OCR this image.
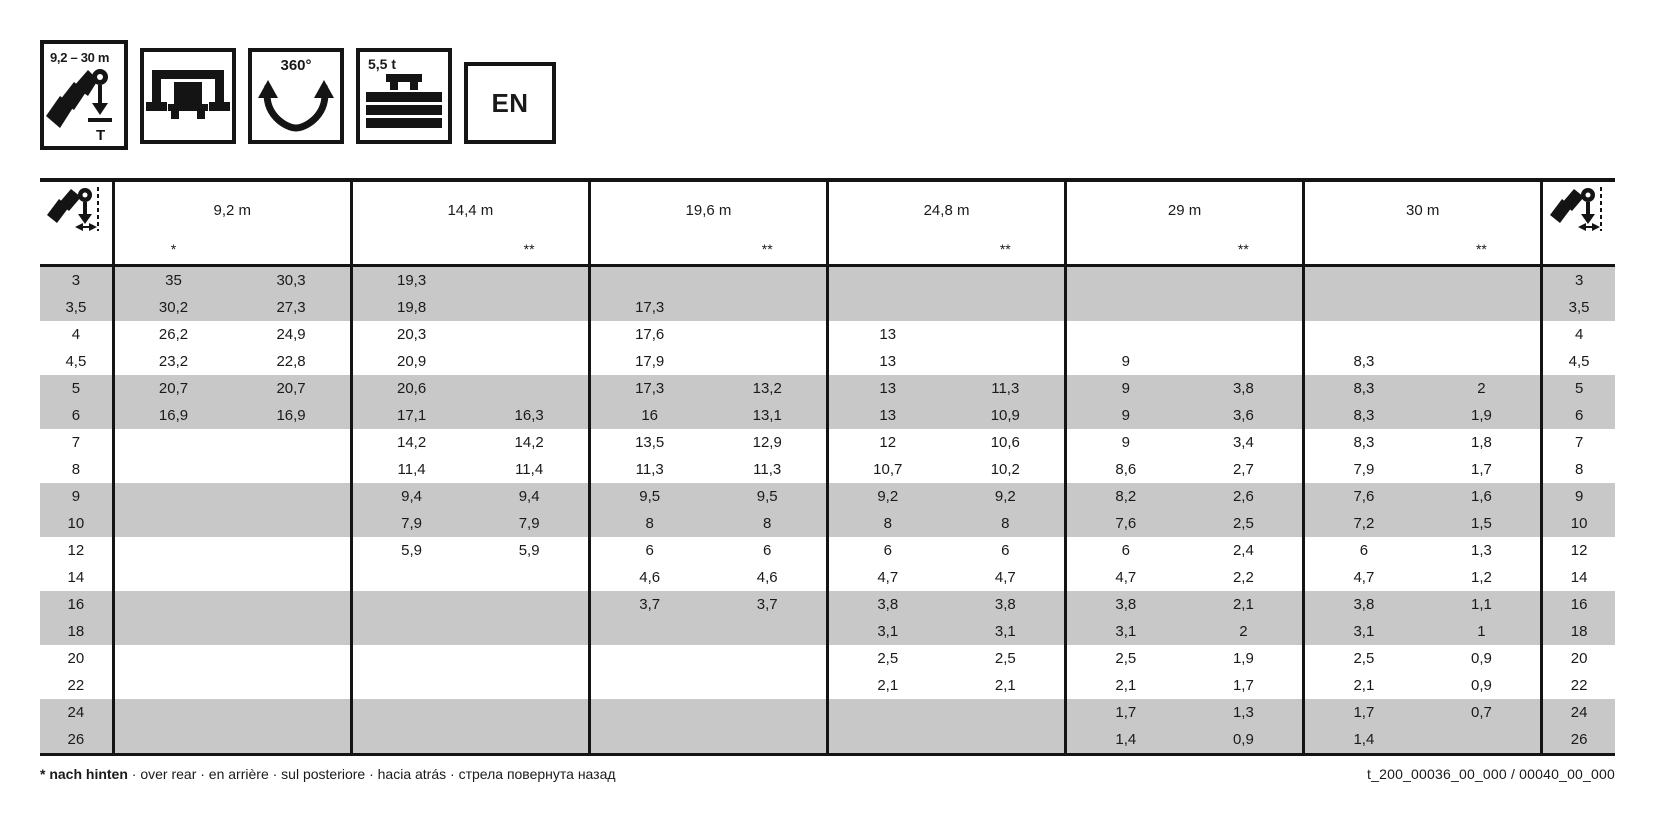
9,2 – 30 m
T
360°	5,5 t
EN
	9,2 m		14,4 m		19,6 m		24,8 m		29 m		30 m	

	*			**		**		**		**		**	
3	35	30,3	19,3										3
3,5	30,2	27,3	19,8		17,3								3,5
4	26,2	24,9	20,3		17,6		13						4
4,5	23,2	22,8	20,9		17,9		13		9		8,3		4,5
5	20,7	20,7	20,6		17,3	13,2	13	11,3	9	3,8	8,3	2	5
6	16,9	16,9	17,1	16,3	16	13,1	13	10,9	9	3,6	8,3	1,9	6
7			14,2	14,2	13,5	12,9	12	10,6	9	3,4	8,3	1,8	7
8			11,4	11,4	11,3	11,3	10,7	10,2	8,6	2,7	7,9	1,7	8
9			9,4	9,4	9,5	9,5	9,2	9,2	8,2	2,6	7,6	1,6	9
10			7,9	7,9	8	8	8	8	7,6	2,5	7,2	1,5	10
12			5,9	5,9	6	6	6	6	6	2,4	6	1,3	12
14					4,6	4,6	4,7	4,7	4,7	2,2	4,7	1,2	14
16					3,7	3,7	3,8	3,8	3,8	2,1	3,8	1,1	16
18							3,1	3,1	3,1	2	3,1	1	18
20							2,5	2,5	2,5	1,9	2,5	0,9	20
22							2,1	2,1	2,1	1,7	2,1	0,9	22
24									1,7	1,3	1,7	0,7	24
26									1,4	0,9	1,4		26

* nach hinten · over rear · en arrière · sul posteriore · hacia atrás · стрела повернута назад	t_200_00036_00_000 / 00040_00_000
